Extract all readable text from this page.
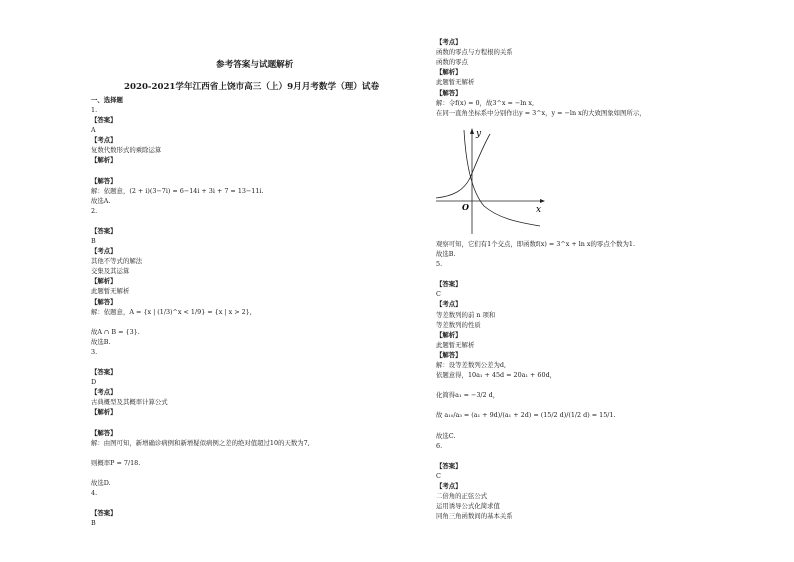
参考答案与试题解析
2020-2021学年江西省上饶市高三（上）9月月考数学（理）试卷
一、选择题
1.
【答案】
A
【考点】
复数代数形式的乘除运算
【解析】
【解答】
解：依题意，(2 + i)(3−7i) = 6−14i + 3i + 7 = 13−11i.
故选A.
2.
【答案】
B
【考点】
其他不等式的解法
交集及其运算
【解析】
此题暂无解析
【解答】
解：依题意，A = {x | (1/3)^x < 1/9} = {x | x > 2},
故A ∩ B = {3}.
故选B.
3.
【答案】
D
【考点】
古典概型及其概率计算公式
【解析】
【解答】
解：由图可知，新增确诊病例和新增疑似病例之差的绝对值超过10的天数为7,
则概率P = 7/18.
故选D.
4.
【答案】
B
【考点】
函数的零点与方程根的关系
函数的零点
【解析】
此题暂无解析
【解答】
解：令f(x) = 0，故3^x = −ln x,
在同一直角坐标系中分别作出y = 3^x，y = −ln x的大致图象如图所示，
y
x
O
观察可知，它们有1个交点，即函数f(x) = 3^x + ln x的零点个数为1.
故选B.
5.
【答案】
C
【考点】
等差数列的前 n 项和
等差数列的性质
【解析】
此题暂无解析
【解答】
解：设等差数列公差为d,
依题意得，10a₁ + 45d = 20a₁ + 60d，
化简得a₁ = −3/2 d，
故 a₁₀/a₃ = (a₁ + 9d)/(a₁ + 2d) = (15/2 d)/(1/2 d) = 15/1.
故选C.
6.
【答案】
C
【考点】
二倍角的正弦公式
运用诱导公式化简求值
同角三角函数间的基本关系
